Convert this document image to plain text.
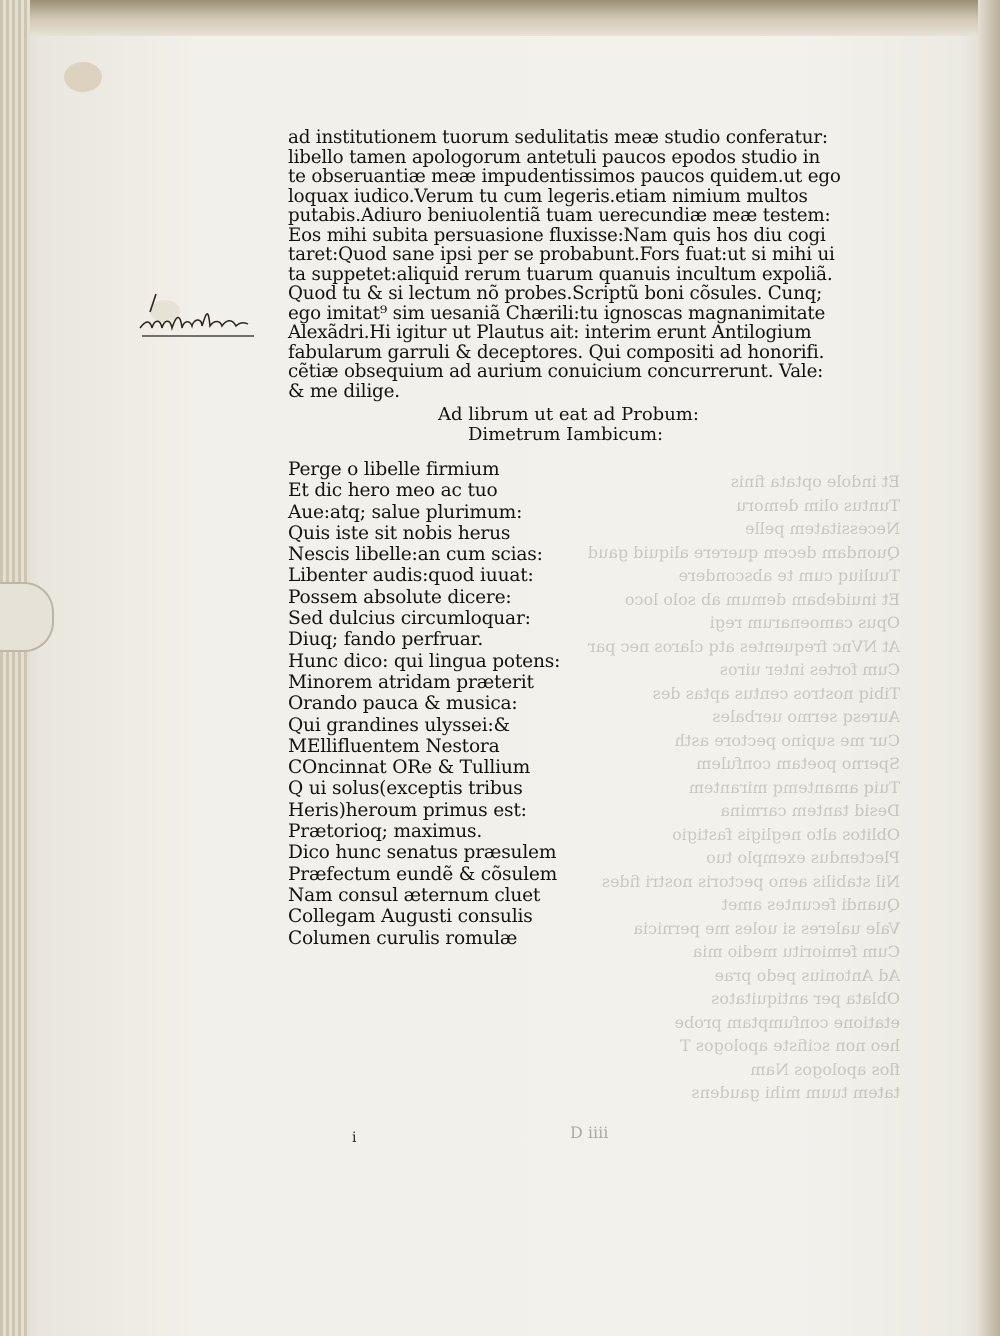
Et indole optata finis
Tuntus olim demoru
Necessitatem pelle
Quondam decem querere aliquid gaud
Tuuliuq cum te abscondere
Et inuidebam demum ab solo loco
Opus camoenarum regi
At NVnc frequentes atq claros nec par
Cum fortes inter uiros
Tibiq nostros centus aptas des
Auresq sermo uerbales
Cur me supino pectore asth
Sperno poetam confulem
Tuiq amantemq mirantem
Desid tantem carmina
Oblitos alto negligis fastigio
Plectendus exemplo tuo
Nil stabilis aeno pectoris nostri fides
Quandi fecuntes amet
Vale ualeres si uoles me pernicia
Cum femioritu medio mia
Ad Antonius pedo prae
Oblata per antiquitatos
etatione confumptam probe
heo non scifiste apologos T
flos apologos Nam
tatem tuum mihi gaudens
ad institutionem tuorum sedulitatis meæ studio conferatur:
libello tamen apologorum antetuli paucos epodos studio in
te obseruantiæ meæ impudentissimos paucos quidem.ut ego
loquax iudico.Verum tu cum legeris.etiam nimium multos
putabis.Adiuro beniuolentiã tuam uerecundiæ meæ testem:
Eos mihi subita persuasione fluxisse:Nam quis hos diu cogi
taret:Quod sane ipsi per se probabunt.Fors fuat:ut si mihi ui
ta suppetet:aliquid rerum tuarum quanuis incultum expoliã.
Quod tu & si lectum nõ probes.Scriptũ boni cõsules. Cunq;
ego imitat⁹ sim uesaniã Chærili:tu ignoscas magnanimitate
Alexãdri.Hi igitur ut Plautus ait: interim erunt Antilogium
fabularum garruli & deceptores. Qui compositi ad honorifi.
cẽtiæ obsequium ad aurium conuicium concurrerunt. Vale:
& me dilige.
Ad librum ut eat ad Probum:
Dimetrum Iambicum:
Perge o libelle firmium
Et dic hero meo ac tuo
Aue:atq; salue plurimum:
Quis iste sit nobis herus
Nescis libelle:an cum scias:
Libenter audis:quod iuuat:
Possem absolute dicere:
Sed dulcius circumloquar:
Diuq; fando perfruar.
Hunc dico: qui lingua potens:
Minorem atridam præterit
Orando pauca & musica:
Qui grandines ulyssei:&
MEllifluentem Nestora
COncinnat ORe & Tullium
Q ui solus(exceptis tribus
Heris)heroum primus est:
Prætorioq; maximus.
Dico hunc senatus præsulem
Præfectum eundẽ & cõsulem
Nam consul æternum cluet
Collegam Augusti consulis
Columen curulis romulæ
i	D iiii
